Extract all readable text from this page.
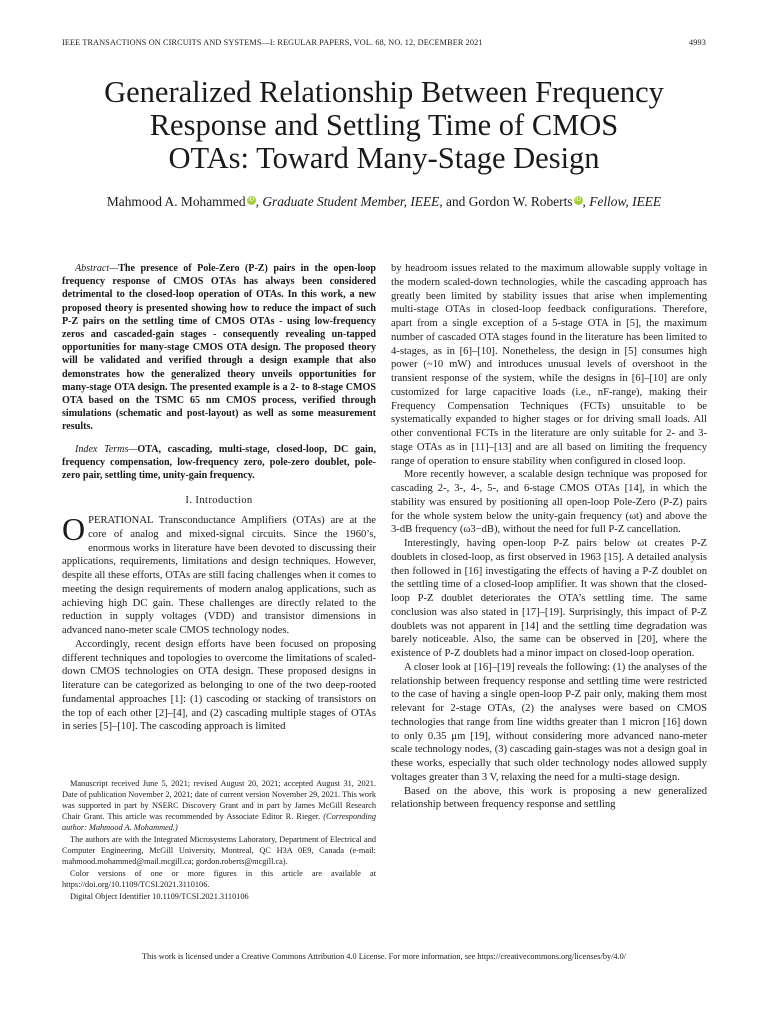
IEEE TRANSACTIONS ON CIRCUITS AND SYSTEMS—I: REGULAR PAPERS, VOL. 68, NO. 12, DECEMBER 2021	4993
Generalized Relationship Between Frequency
Response and Settling Time of CMOS
OTAs: Toward Many-Stage Design
Mahmood A. Mohammed iD , Graduate Student Member, IEEE, and Gordon W. Roberts iD , Fellow, IEEE

Abstract—The presence of Pole-Zero (P-Z) pairs in the open-loop frequency response of CMOS OTAs has always been considered detrimental to the closed-loop operation of OTAs. In this work, a new proposed theory is presented showing how to reduce the impact of such P-Z pairs on the settling time of CMOS OTAs - using low-frequency zeros and cascaded-gain stages - consequently revealing un-tapped opportunities for many-stage CMOS OTA design. The proposed theory will be validated and verified through a design example that also demonstrates how the generalized theory unveils opportunities for many-stage OTA design. The presented example is a 2- to 8-stage CMOS OTA based on the TSMC 65 nm CMOS process, verified through simulations (schematic and post-layout) as well as some measurement results.

Index Terms—OTA, cascading, multi-stage, closed-loop, DC gain, frequency compensation, low-frequency zero, pole-zero doublet, pole-zero pair, settling time, unity-gain frequency.

I. Introduction

OPERATIONAL Transconductance Amplifiers (OTAs) are at the core of analog and mixed-signal circuits. Since the 1960’s, enormous works in literature have been devoted to discussing their applications, requirements, limitations and design techniques. However, despite all these efforts, OTAs are still facing challenges when it comes to meeting the design requirements of modern analog applications, such as achieving high DC gain. These challenges are directly related to the reduction in supply voltages (VDD) and transistor dimensions in advanced nano-meter scale CMOS technology nodes.

Accordingly, recent design efforts have been focused on proposing different techniques and topologies to overcome the limitations of scaled-down CMOS technologies on OTA design. These proposed designs in literature can be categorized as belonging to one of the two deep-rooted fundamental approaches [1]: (1) cascoding or stacking of transistors on the top of each other [2]–[4], and (2) cascading multiple stages of OTAs in series [5]–[10]. The cascoding approach is limited

Manuscript received June 5, 2021; revised August 20, 2021; accepted August 31, 2021. Date of publication November 2, 2021; date of current version November 29, 2021. This work was supported in part by NSERC Discovery Grant and in part by James McGill Research Chair Grant. This article was recommended by Associate Editor R. Rieger. (Corresponding author: Mahmood A. Mohammed.)

The authors are with the Integrated Microsystems Laboratory, Department of Electrical and Computer Engineering, McGill University, Montreal, QC H3A 0E9, Canada (e-mail: mahmood.mohammed@mail.mcgill.ca; gordon.roberts@mcgill.ca).

Color versions of one or more figures in this article are available at https://doi.org/10.1109/TCSI.2021.3110106.

Digital Object Identifier 10.1109/TCSI.2021.3110106

by headroom issues related to the maximum allowable supply voltage in the modern scaled-down technologies, while the cascading approach has greatly been limited by stability issues that arise when implementing multi-stage OTAs in closed-loop feedback configurations. Therefore, apart from a single exception of a 5-stage OTA in [5], the maximum number of cascaded OTA stages found in the literature has been limited to 4-stages, as in [6]–[10]. Nonetheless, the design in [5] consumes high power (~10 mW) and introduces unusual levels of overshoot in the transient response of the system, while the designs in [6]–[10] are only customized for large capacitive loads (i.e., nF-range), making their Frequency Compensation Techniques (FCTs) unsuitable to be systematically expanded to higher stages or for driving small loads. All other conventional FCTs in the literature are only suitable for 2- and 3-stage OTAs as in [11]–[13] and are all based on limiting the frequency range of operation to ensure stability when configured in closed loop.

More recently however, a scalable design technique was proposed for cascading 2-, 3-, 4-, 5-, and 6-stage CMOS OTAs [14], in which the stability was ensured by positioning all open-loop Pole-Zero (P-Z) pairs for the whole system below the unity-gain frequency (ωt) and above the 3-dB frequency (ω3−dB), without the need for full P-Z cancellation.

Interestingly, having open-loop P-Z pairs below ωt creates P-Z doublets in closed-loop, as first observed in 1963 [15]. A detailed analysis then followed in [16] investigating the effects of having a P-Z doublet on the settling time of a closed-loop amplifier. It was shown that the closed-loop P-Z doublet deteriorates the OTA’s settling time. The same conclusion was also stated in [17]–[19]. Surprisingly, this impact of P-Z doublets was not apparent in [14] and the settling time degradation was barely noticeable. Also, the same can be observed in [20], where the existence of P-Z doublets had a minor impact on closed-loop operation.

A closer look at [16]–[19] reveals the following: (1) the analyses of the relationship between frequency response and settling time were restricted to the case of having a single open-loop P-Z pair only, making them most relevant for 2-stage OTAs, (2) the analyses were based on CMOS technologies that range from line widths greater than 1 micron [16] down to only 0.35 μm [19], without considering more advanced nano-meter scale technology nodes, (3) cascading gain-stages was not a design goal in these works, especially that such older technology nodes allowed supply voltages greater than 3 V, relaxing the need for a multi-stage design.

Based on the above, this work is proposing a new generalized relationship between frequency response and settling

This work is licensed under a Creative Commons Attribution 4.0 License. For more information, see https://creativecommons.org/licenses/by/4.0/
